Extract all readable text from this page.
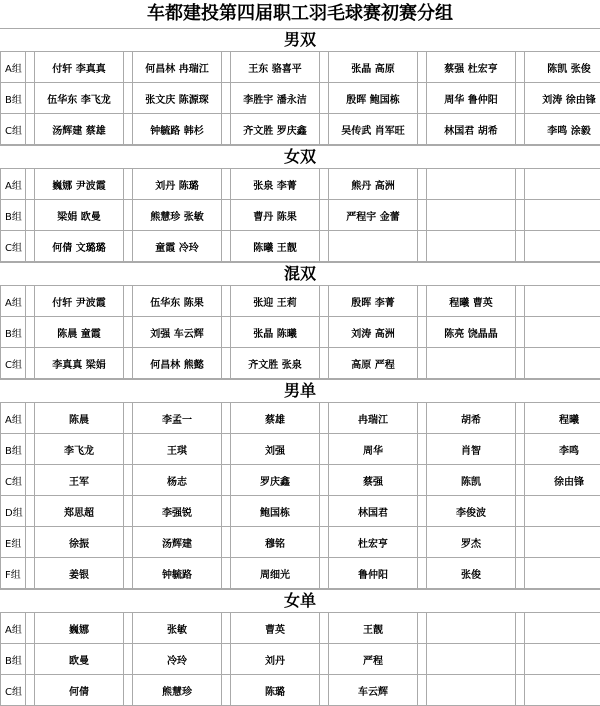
车都建投第四届职工羽毛球赛初赛分组
男双
A组		付轩 李真真		何昌林 冉瑞江		王东 骆喜平		张晶 高原		蔡强 杜宏亨		陈凯 张俊
B组		伍华东 李飞龙		张文庆 陈源琛		李胜宇 潘永洁		殷晖 鲍国栋		周华 鲁仲阳		刘涛 徐由锋
C组		汤辉建 蔡雄		钟毓路 韩杉		齐文胜 罗庆鑫		吴传武 肖军旺		林国君 胡希		李鸣 涂毅
女双
A组		巍娜 尹波霞		刘丹 陈璐		张泉 李菁		熊丹 高洲				
B组		梁娟 欧曼		熊慧珍 张敏		曹丹 陈果		严程宇 金蕾				
C组		何倩 文璐璐		童霞 冷玲		陈曦 王靓						
混双
A组		付轩 尹波霞		伍华东 陈果		张迎 王莉		殷晖 李菁		程曦 曹英		
B组		陈晨 童霞		刘强 车云辉		张晶 陈曦		刘涛 高洲		陈亮 饶晶晶		
C组		李真真 梁娟		何昌林 熊懿		齐文胜 张泉		高原 严程				
男单
A组		陈晨		李孟一		蔡雄		冉瑞江		胡希		程曦
B组		李飞龙		王琪		刘强		周华		肖智		李鸣
C组		王军		杨志		罗庆鑫		蔡强		陈凯		徐由锋
D组		郑思超		李强锐		鲍国栋		林国君		李俊波		
E组		徐振		汤辉建		穆铭		杜宏亨		罗杰		
F组		姜银		钟毓路		周细光		鲁仲阳		张俊		
女单
A组		巍娜		张敏		曹英		王靓				
B组		欧曼		冷玲		刘丹		严程				
C组		何倩		熊慧珍		陈璐		车云辉				
